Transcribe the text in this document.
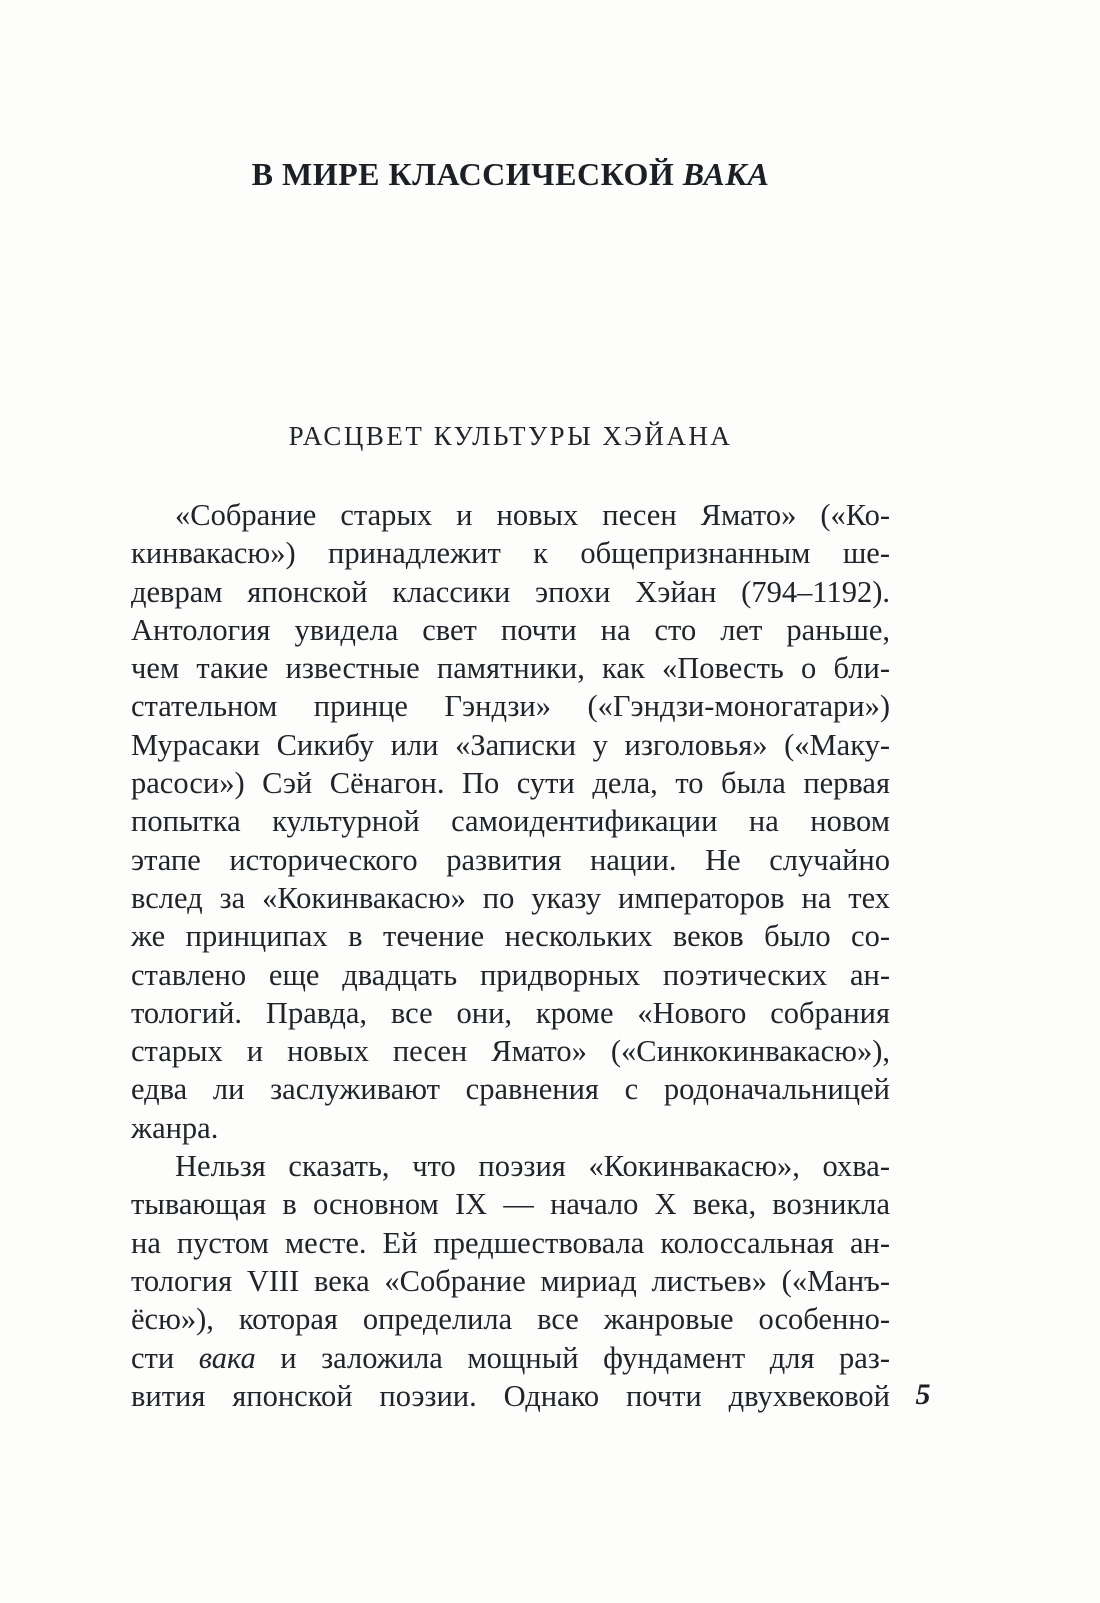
В МИРЕ КЛАССИЧЕСКОЙ ВАКА
РАСЦВЕТ КУЛЬТУРЫ ХЭЙАНА
«Собрание старых и новых песен Ямато» («Ко-
кинвакасю») принадлежит к общепризнанным ше-
деврам японской классики эпохи Хэйан (794–1192).
Антология увидела свет почти на сто лет раньше,
чем такие известные памятники, как «Повесть о бли-
стательном принце Гэндзи» («Гэндзи-моногатари»)
Мурасаки Сикибу или «Записки у изголовья» («Маку-
расоси») Сэй Сёнагон. По сути дела, то была первая
попытка культурной самоидентификации на новом
этапе исторического развития нации. Не случайно
вслед за «Кокинвакасю» по указу императоров на тех
же принципах в течение нескольких веков было со-
ставлено еще двадцать придворных поэтических ан-
тологий. Правда, все они, кроме «Нового собрания
старых и новых песен Ямато» («Синкокинвакасю»),
едва ли заслуживают сравнения с родоначальницей
жанра.
Нельзя сказать, что поэзия «Кокинвакасю», охва-
тывающая в основном IX — начало X века, возникла
на пустом месте. Ей предшествовала колоссальная ан-
тология VIII века «Собрание мириад листьев» («Манъ-
ёсю»), которая определила все жанровые особенно-
сти вака и заложила мощный фундамент для раз-
вития японской поэзии. Однако почти двухвековой 5
